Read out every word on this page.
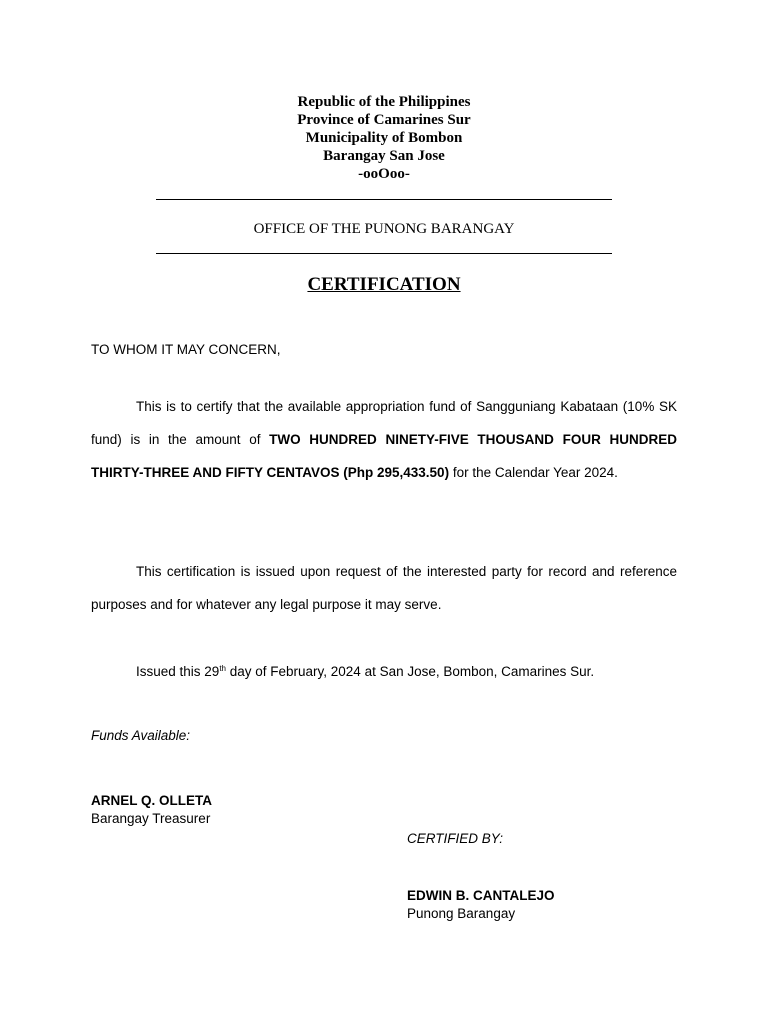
Republic of the Philippines
Province of Camarines Sur
Municipality of Bombon
Barangay San Jose
-ooOoo-
OFFICE OF THE PUNONG BARANGAY
CERTIFICATION
TO WHOM IT MAY CONCERN,
This is to certify that the available appropriation fund of Sangguniang Kabataan (10% SK fund) is in the amount of TWO HUNDRED NINETY-FIVE THOUSAND FOUR HUNDRED THIRTY-THREE AND FIFTY CENTAVOS (Php 295,433.50) for the Calendar Year 2024.
This certification is issued upon request of the interested party for record and reference purposes and for whatever any legal purpose it may serve.
Issued this 29th day of February, 2024 at San Jose, Bombon, Camarines Sur.
Funds Available:
ARNEL Q. OLLETA
Barangay Treasurer
CERTIFIED BY:
EDWIN B. CANTALEJO
Punong Barangay
